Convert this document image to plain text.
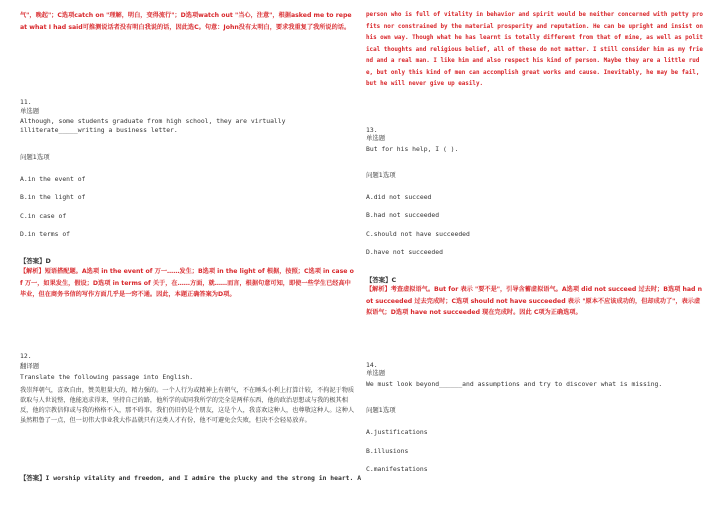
气"，晚起"；C选项catch on "理解，明白，变得流行"；D选项watch out "当心，注意"，根据asked me to repeat what I had said可推测说话者没有明白我说的话，因此选C。句意：John没有太明白，要求我重复了我所说的话。
11.
单选题
Although, some students graduate from high school, they are virtually illiterate_____writing a business letter.
问题1选项
A.in the event of
B.in the light of
C.in case of
D.in terms of
【答案】D
【解析】短语搭配题。A选项 in the event of 万一……发生；B选项 in the light of 根据，按照；C选项 in case of 万一，如果发生，假设；D选项 in terms of 关于，在……方面，就……而言，根据句意可知，即使一些学生已经高中毕业，但在商务书信的写作方面几乎是一窍不通。因此，本题正确答案为D项。
12.
翻译题
Translate the following passage into English.
我崇拜朝气，喜欢自由，赞美胆量大的，精力强的。一个人行为或精神上有朝气，不在睡头小利上打算计较，不拘泥于物质欲取与人世说整，他能追求得来，坚持自己的路，他所学的或同我所学的完全是两样东西，他的政治思想或与我的极其相反，他的宗教信仰或与我的格格不入，那不碍事。我们仍旧仍是个朋友，这是个人，我喜欢这种人，也尊敬这种人。这种人虽然粗鲁了一点，但一切伟大事业我大作品就只有这类人才有份，他不可避免会失败，但决不会轻易放弃。
【答案】I worship vitality and freedom, and I admire the plucky and the strong in heart. A
person who is full of vitality in behavior and spirit would be neither concerned with petty profits nor constrained by the material prosperity and reputation. He can be upright and insist on his own way. Though what he has learnt is totally different from that of mine, as well as political thoughts and religious belief, all of these do not matter. I still consider him as my friend and a real man. I like him and also respect his kind of person. Maybe they are a little rude, but only this kind of men can accomplish great works and cause. Inevitably, he may be fail, but he will never give up easily.
13.
单选题
But for his help, I ( ).
问题1选项
A.did not succeed
B.had not succeeded
C.should not have succeeded
D.have not succeeded
【答案】C
【解析】考查虚拟语气。But for 表示 "要不是"，引导含蓄虚拟语气。A选项 did not succeed 过去时；B选项 had not succeeded 过去完成时；C选项 should not have succeeded 表示 "原本不应该成功的，但却成功了"，表示虚拟语气；D选项 have not succeeded 现在完成时。因此 C项为正确选项。
14.
单选题
We must look beyond______and assumptions and try to discover what is missing.
问题1选项
A.justifications
B.illusions
C.manifestations
